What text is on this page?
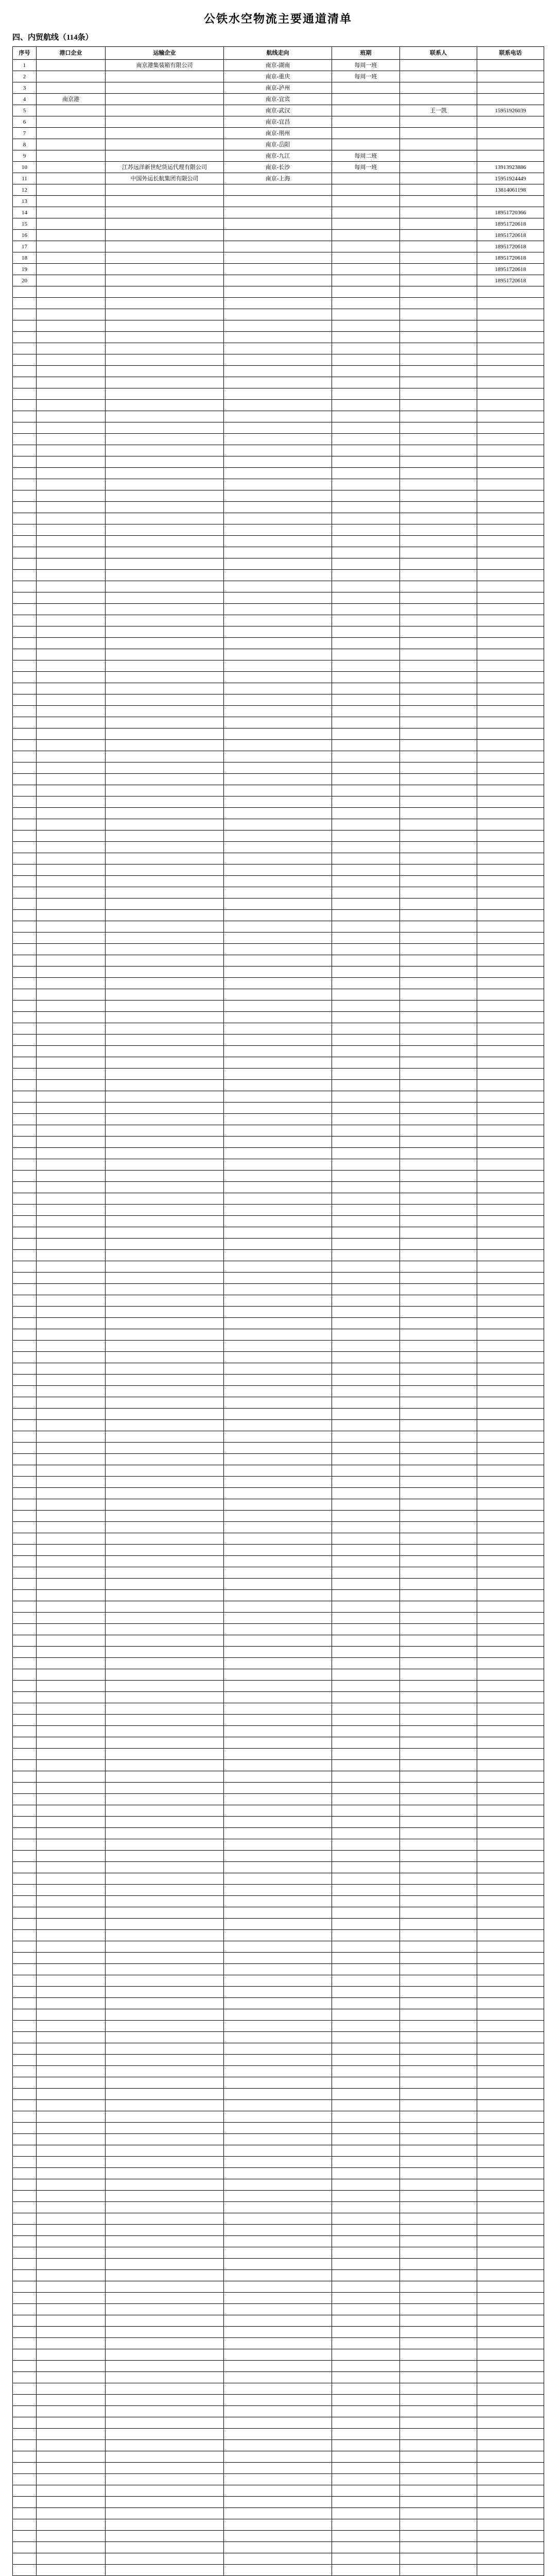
公铁水空物流主要通道清单
四、内贸航线（114条）
序号	港口企业	运输企业	航线走向	班期	联系人	联系电话
1		南京港集装箱有限公司	南京-湖南	每周一班		
2			南京-重庆	每周一班		
3			南京-泸州			
4	南京港		南京-宜宾			
5			南京-武汉		王一凯	15951926039
6			南京-宜昌			
7			南京-荆州			
8			南京-岳阳			
9			南京-九江	每周二班		
10		江苏远洋新世纪货运代理有限公司	南京-长沙	每周一班		13913923886
11		中国外运长航集团有限公司	南京-上海			15951924449
12						13814061198
13						
14						18951720366
15						18951720618
16						18951720618
17						18951720618
18						18951720618
19						18951720618
20						18951720618
